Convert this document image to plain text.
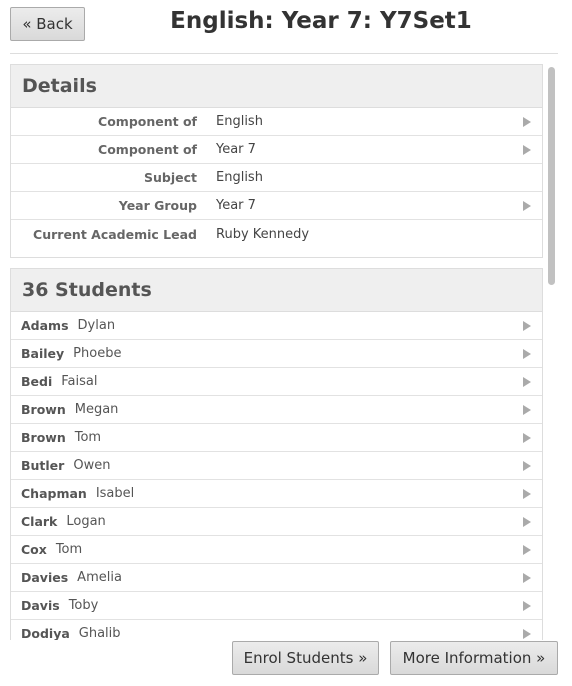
« Back	English: Year 7: Y7Set1
Details
Component of English
Component of Year 7
Subject English
Year Group Year 7
Current Academic Lead Ruby Kennedy
36 Students
Adams Dylan
Bailey Phoebe
Bedi Faisal
Brown Megan
Brown Tom
Butler Owen
Chapman Isabel
Clark Logan
Cox Tom
Davies Amelia
Davis Toby
Dodiya Ghalib
Enrol Students »	More Information »
